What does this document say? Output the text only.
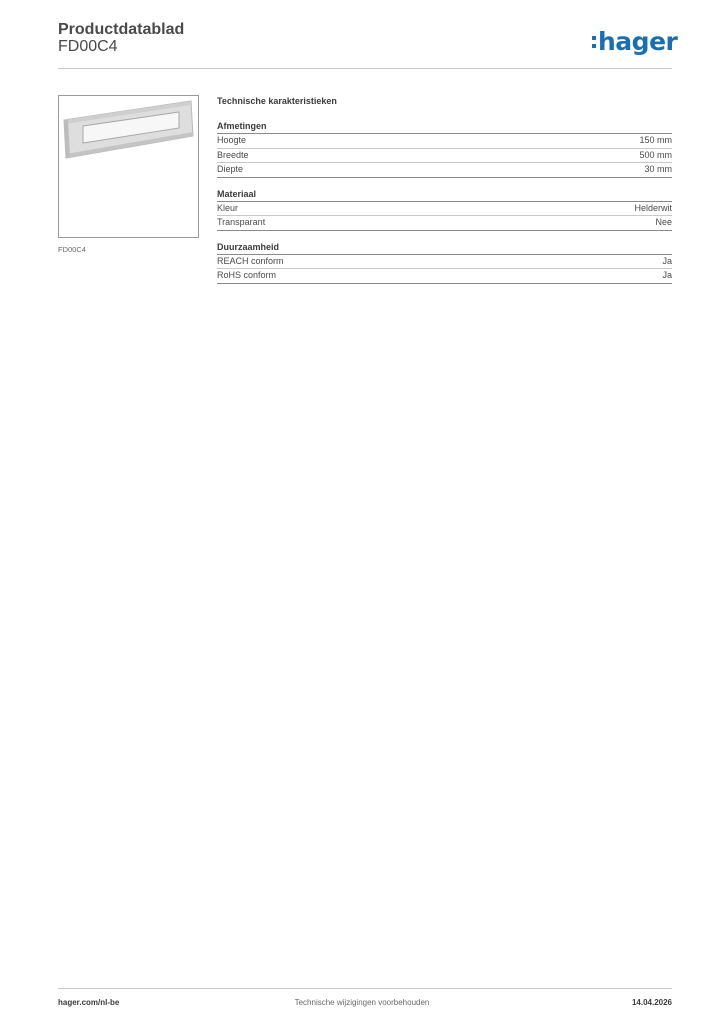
Productdatablad
FD00C4	hager
FD00C4
Technische karakteristieken
Afmetingen
Hoogte	150 mm
Breedte	500 mm
Diepte	30 mm
Materiaal
Kleur	Helderwit
Transparant	Nee
Duurzaamheid
REACH conform	Ja
RoHS conform	Ja
hager.com/nl-be	Technische wijzigingen voorbehouden	14.04.2026
